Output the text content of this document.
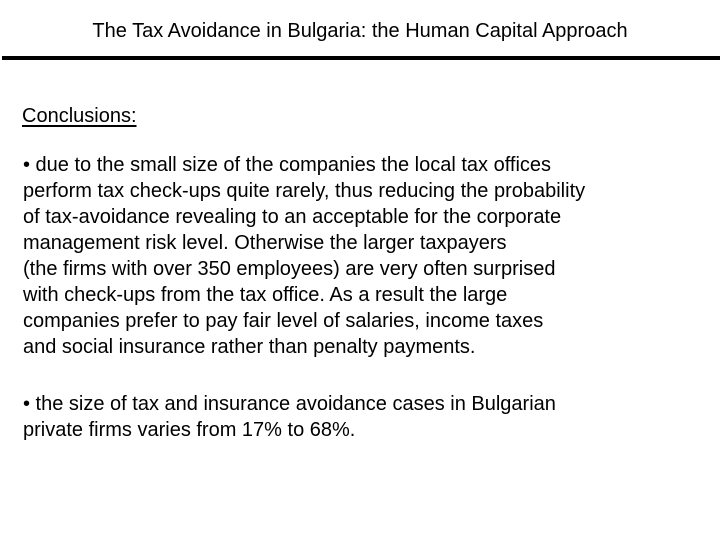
The Tax Avoidance in Bulgaria: the Human Capital Approach
Conclusions:

• due to the small size of the companies the local tax offices
perform tax check-ups quite rarely, thus reducing the probability
of tax-avoidance revealing to an acceptable for the corporate
management risk level. Otherwise the larger taxpayers
(the firms with over 350 employees) are very often surprised
with check-ups from the tax office. As a result the large
companies prefer to pay fair level of salaries, income taxes
and social insurance rather than penalty payments.

• the size of tax and insurance avoidance cases in Bulgarian
private firms varies from 17% to 68%.
